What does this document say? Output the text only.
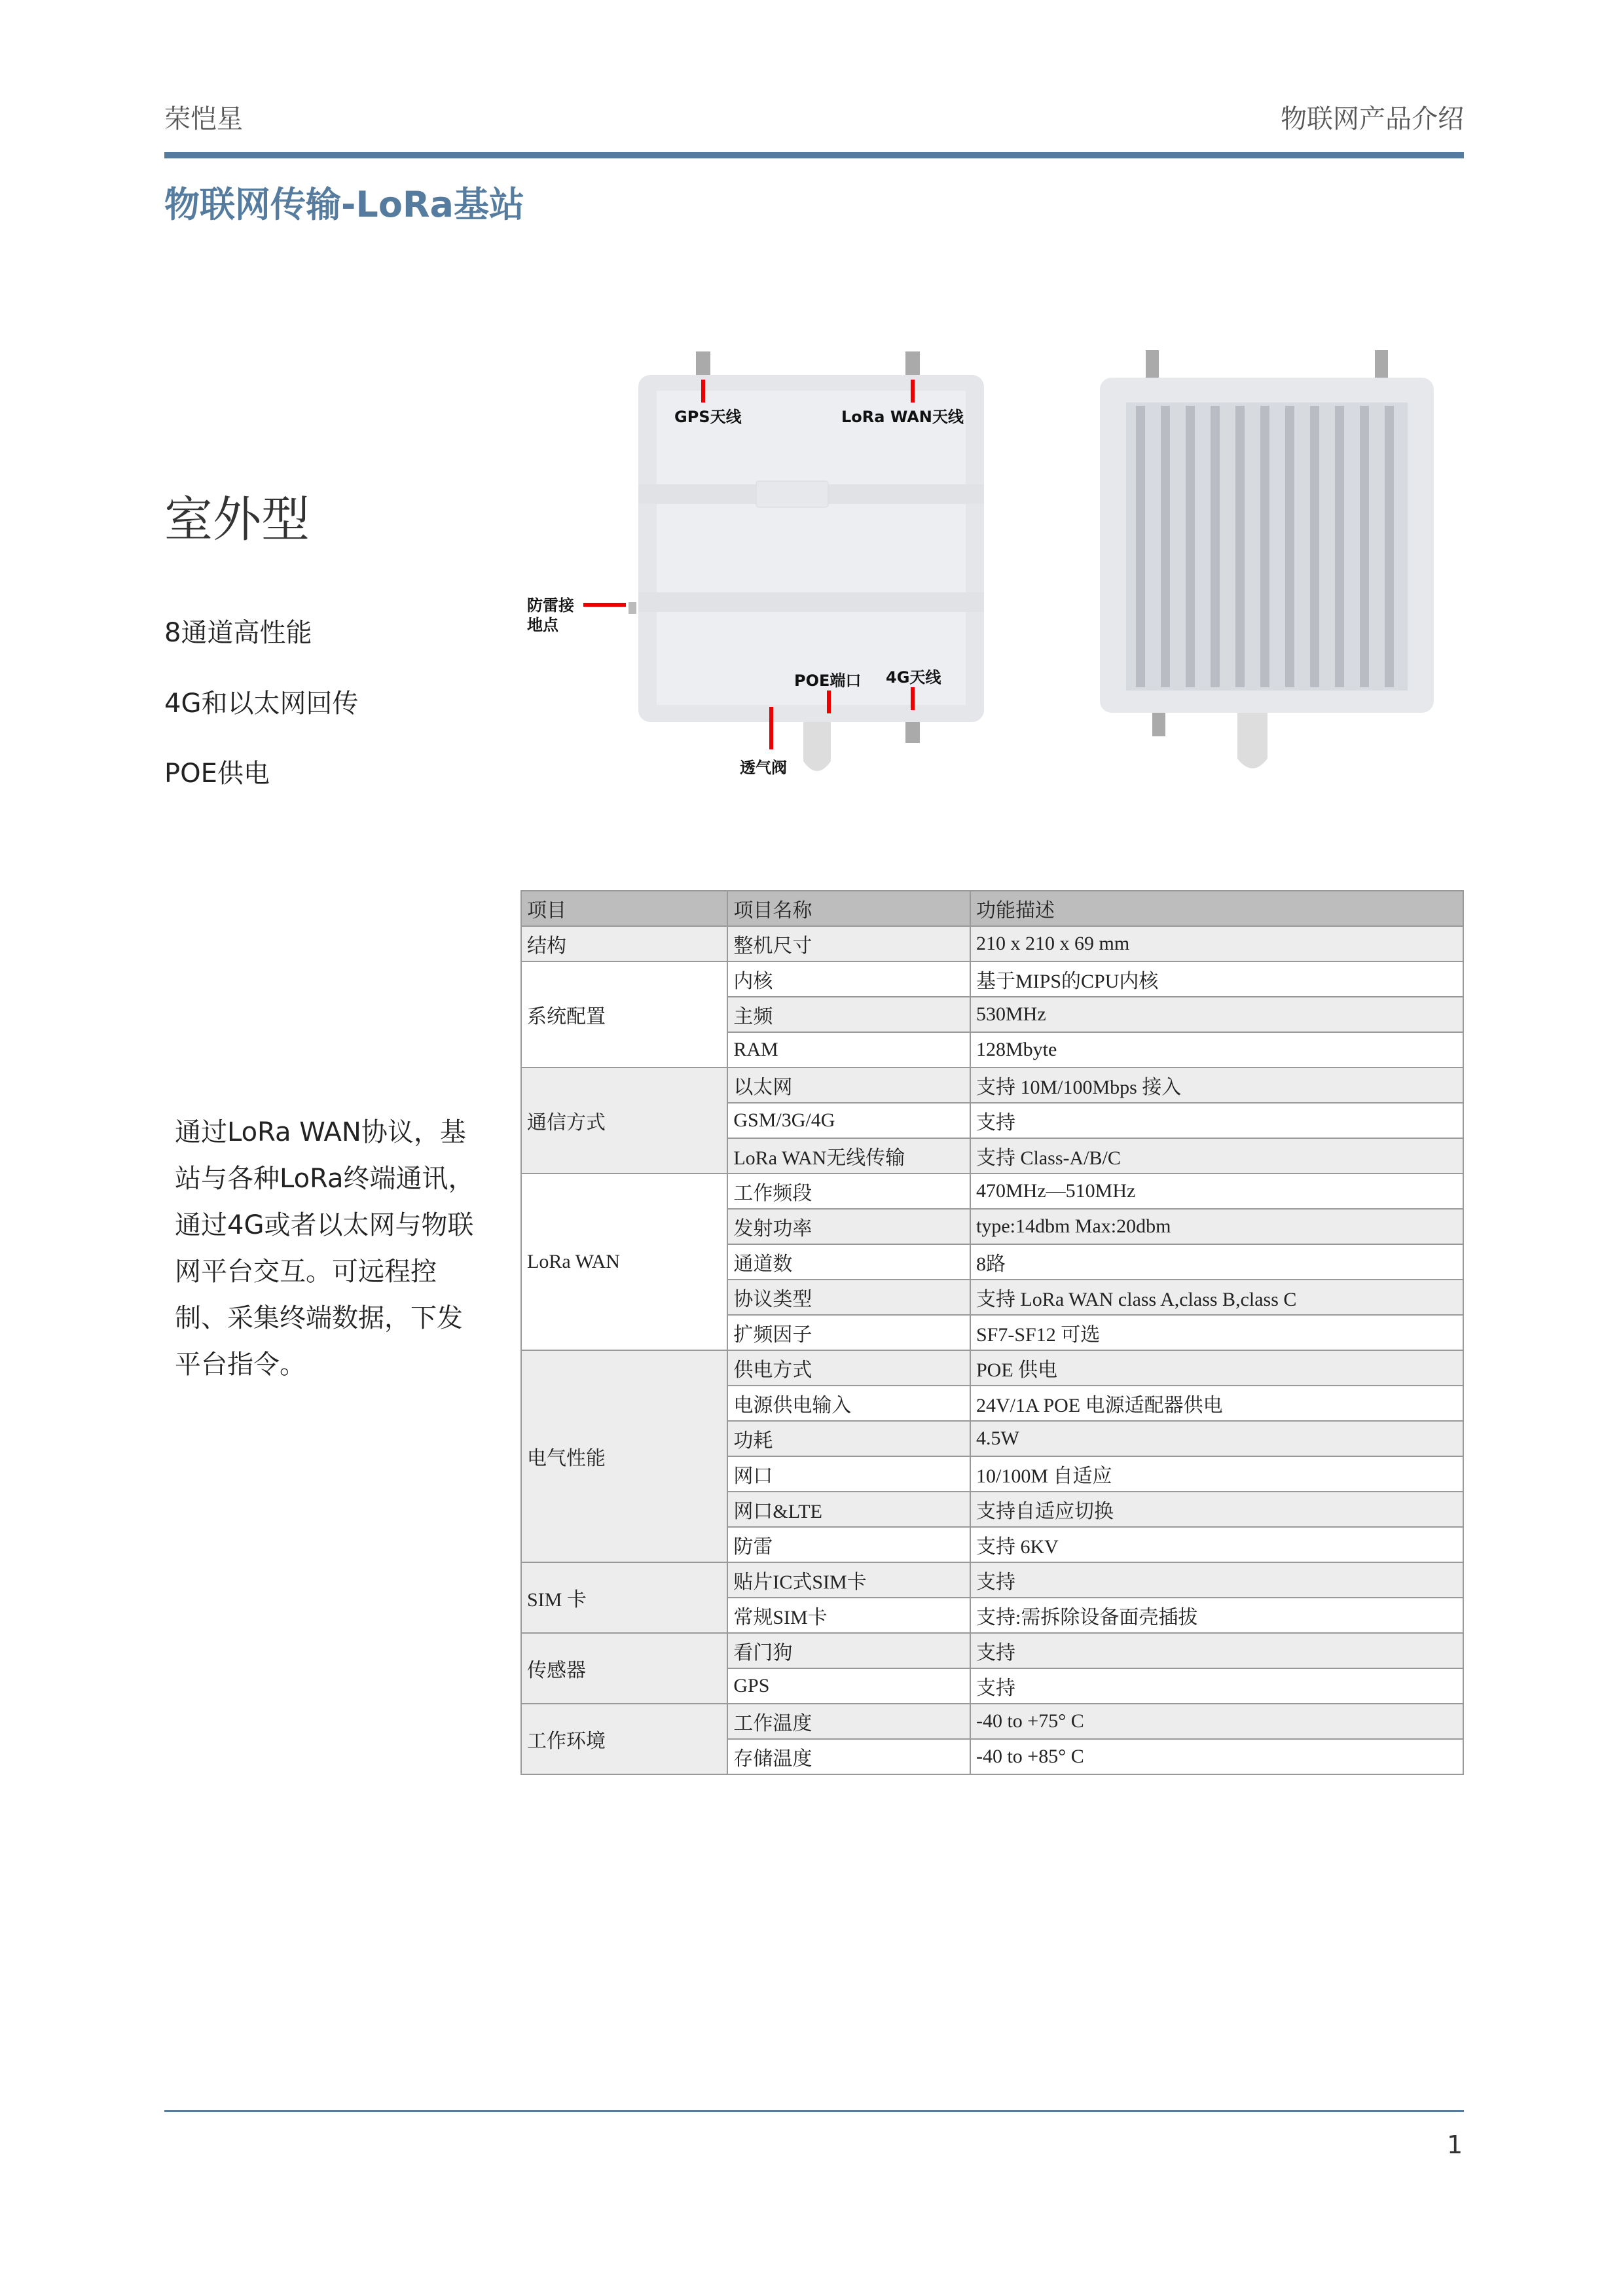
荣恺星	物联网产品介绍
物联网传输-LoRa基站
室外型
8通道高性能
4G和以太网回传
POE供电
通过LoRa WAN协议，基站与各种LoRa终端通讯，通过4G或者以太网与物联网平台交互。可远程控制、采集终端数据，下发平台指令。
GPS天线	LoRa WAN天线
防雷接地点
POE端口 4G天线
透气阀
项目	项目名称	功能描述
结构	整机尺寸	210 x 210 x 69 mm
系统配置	内核	基于MIPS的CPU内核
	主频	530MHz
	RAM	128Mbyte
通信方式	以太网	支持 10M/100Mbps 接入
	GSM/3G/4G	支持
	LoRa WAN无线传输	支持 Class-A/B/C
LoRa WAN	工作频段	470MHz—510MHz
	发射功率	type:14dbm Max:20dbm
	通道数	8路
	协议类型	支持 LoRa WAN class A,class B,class C
	扩频因子	SF7-SF12 可选
电气性能	供电方式	POE 供电
	电源供电输入	24V/1A POE 电源适配器供电
	功耗	4.5W
	网口	10/100M 自适应
	网口&LTE	支持自适应切换
	防雷	支持 6KV
SIM 卡	贴片IC式SIM卡	支持
	常规SIM卡	支持:需拆除设备面壳插拔
传感器	看门狗	支持
	GPS	支持
工作环境	工作温度	-40 to +75° C
	存储温度	-40 to +85° C
1
